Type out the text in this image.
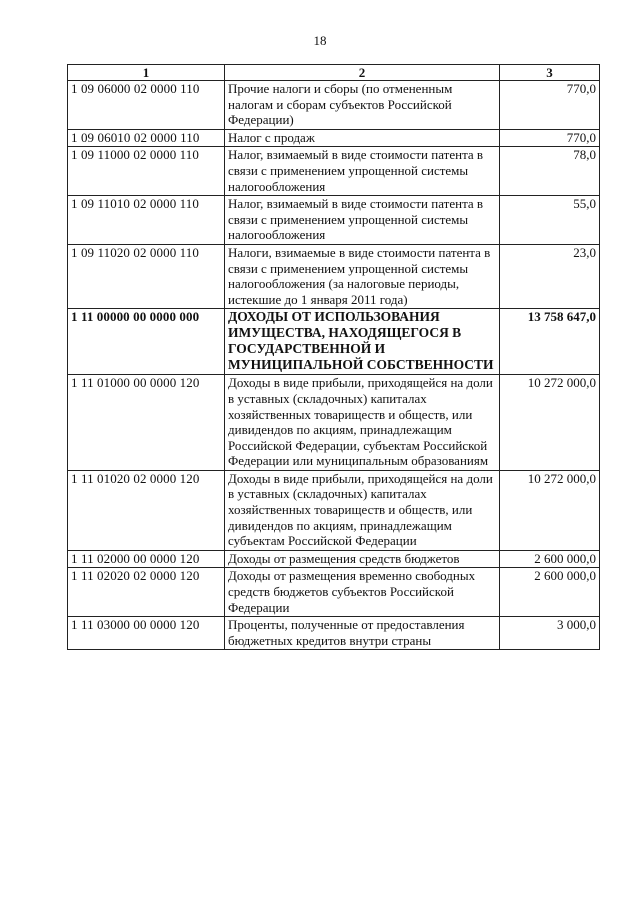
18
1	2	3
1 09 06000 02 0000 110	Прочие налоги и сборы (по отмененным налогам и сборам субъектов Российской Федерации)	770,0
1 09 06010 02 0000 110	Налог с продаж	770,0
1 09 11000 02 0000 110	Налог, взимаемый в виде стоимости патента в связи с применением упрощенной системы налогообложения	78,0
1 09 11010 02 0000 110	Налог, взимаемый в виде стоимости патента в связи с применением упрощенной системы налогообложения	55,0
1 09 11020 02 0000 110	Налоги, взимаемые в виде стоимости патента в связи с применением упрощенной системы налогообложения (за налоговые периоды, истекшие до 1 января 2011 года)	23,0
1 11 00000 00 0000 000	ДОХОДЫ ОТ ИСПОЛЬЗОВАНИЯ ИМУЩЕСТВА, НАХОДЯЩЕГОСЯ В ГОСУДАРСТВЕННОЙ И МУНИЦИПАЛЬНОЙ СОБСТВЕННОСТИ	13 758 647,0
1 11 01000 00 0000 120	Доходы в виде прибыли, приходящейся на доли в уставных (складочных) капиталах хозяйственных товариществ и обществ, или дивидендов по акциям, принадлежащим Российской Федерации, субъектам Российской Федерации или муниципальным образованиям	10 272 000,0
1 11 01020 02 0000 120	Доходы в виде прибыли, приходящейся на доли в уставных (складочных) капиталах хозяйственных товариществ и обществ, или дивидендов по акциям, принадлежащим субъектам Российской Федерации	10 272 000,0
1 11 02000 00 0000 120	Доходы от размещения средств бюджетов	2 600 000,0
1 11 02020 02 0000 120	Доходы от размещения временно свободных средств бюджетов субъектов Российской Федерации	2 600 000,0
1 11 03000 00 0000 120	Проценты, полученные от предоставления бюджетных кредитов внутри страны	3 000,0
